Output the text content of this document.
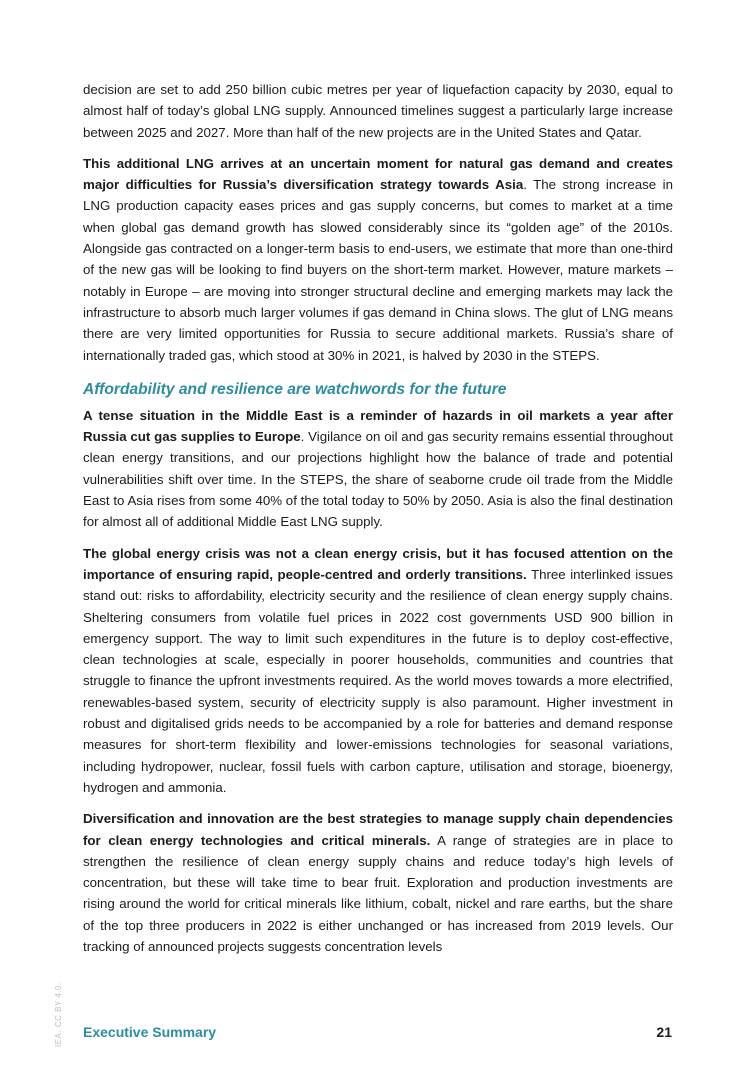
decision are set to add 250 billion cubic metres per year of liquefaction capacity by 2030, equal to almost half of today’s global LNG supply. Announced timelines suggest a particularly large increase between 2025 and 2027. More than half of the new projects are in the United States and Qatar.

This additional LNG arrives at an uncertain moment for natural gas demand and creates major difficulties for Russia’s diversification strategy towards Asia. The strong increase in LNG production capacity eases prices and gas supply concerns, but comes to market at a time when global gas demand growth has slowed considerably since its “golden age” of the 2010s. Alongside gas contracted on a longer-term basis to end-users, we estimate that more than one-third of the new gas will be looking to find buyers on the short-term market. However, mature markets – notably in Europe – are moving into stronger structural decline and emerging markets may lack the infrastructure to absorb much larger volumes if gas demand in China slows. The glut of LNG means there are very limited opportunities for Russia to secure additional markets. Russia’s share of internationally traded gas, which stood at 30% in 2021, is halved by 2030 in the STEPS.

Affordability and resilience are watchwords for the future

A tense situation in the Middle East is a reminder of hazards in oil markets a year after Russia cut gas supplies to Europe. Vigilance on oil and gas security remains essential throughout clean energy transitions, and our projections highlight how the balance of trade and potential vulnerabilities shift over time. In the STEPS, the share of seaborne crude oil trade from the Middle East to Asia rises from some 40% of the total today to 50% by 2050. Asia is also the final destination for almost all of additional Middle East LNG supply.

The global energy crisis was not a clean energy crisis, but it has focused attention on the importance of ensuring rapid, people-centred and orderly transitions. Three interlinked issues stand out: risks to affordability, electricity security and the resilience of clean energy supply chains. Sheltering consumers from volatile fuel prices in 2022 cost governments USD 900 billion in emergency support. The way to limit such expenditures in the future is to deploy cost-effective, clean technologies at scale, especially in poorer households, communities and countries that struggle to finance the upfront investments required. As the world moves towards a more electrified, renewables-based system, security of electricity supply is also paramount. Higher investment in robust and digitalised grids needs to be accompanied by a role for batteries and demand response measures for short-term flexibility and lower-emissions technologies for seasonal variations, including hydropower, nuclear, fossil fuels with carbon capture, utilisation and storage, bioenergy, hydrogen and ammonia.

Diversification and innovation are the best strategies to manage supply chain dependencies for clean energy technologies and critical minerals. A range of strategies are in place to strengthen the resilience of clean energy supply chains and reduce today’s high levels of concentration, but these will take time to bear fruit. Exploration and production investments are rising around the world for critical minerals like lithium, cobalt, nickel and rare earths, but the share of the top three producers in 2022 is either unchanged or has increased from 2019 levels. Our tracking of announced projects suggests concentration levels

IEA. CC BY 4.0. Executive Summary	21
